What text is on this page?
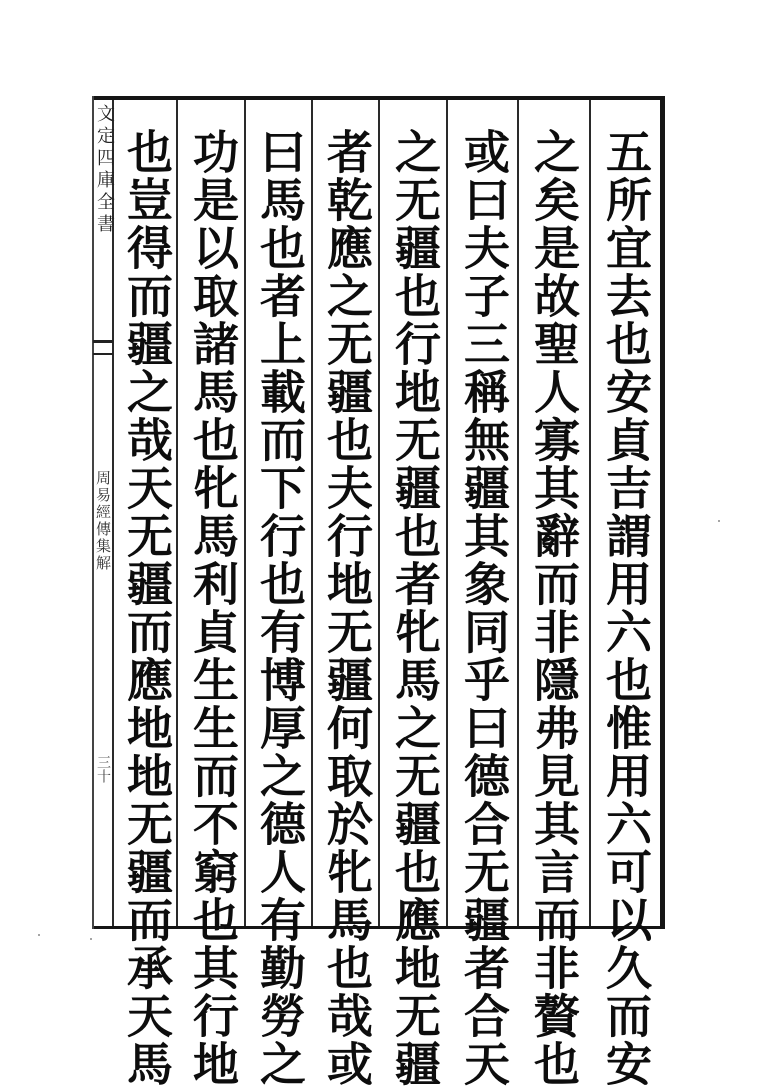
文定四庫全書
周易經傳集解
三十	五所宜去也安貞吉謂用六也惟用六可以久而安
之矣是故聖人寡其辭而非隱弗見其言而非贅也
或曰夫子三稱無疆其象同乎曰德合无疆者合天
之无疆也行地无疆也者牝馬之无疆也應地无疆
者乾應之无疆也夫行地无疆何取於牝馬也哉或
曰馬也者上載而下行也有博厚之德人有勤勞之
功是以取諸馬也牝馬利貞生生而不窮也其行地
也豈得而疆之哉天无疆而應地地无疆而承天馬
